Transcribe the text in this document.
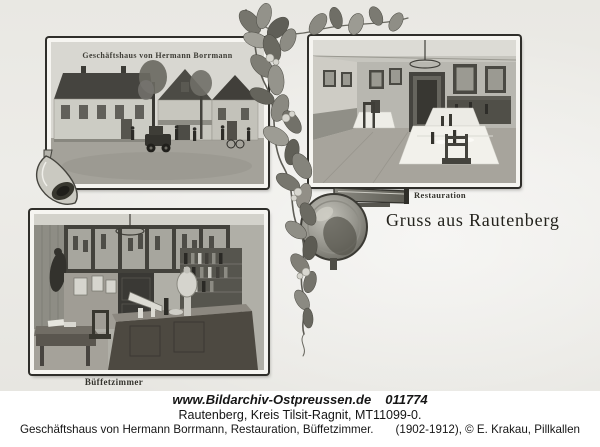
Geschäftshaus von Hermann Borrmann
Restauration
Büffetzimmer
Gruss aus Rautenberg
www.Bildarchiv-Ostpreussen.de 011774
Rautenberg, Kreis Tilsit-Ragnit, MT11099-0.
Geschäftshaus von Hermann Borrmann, Restauration, Büffetzimmer. (1902-1912), © E. Krakau, Pillkallen
